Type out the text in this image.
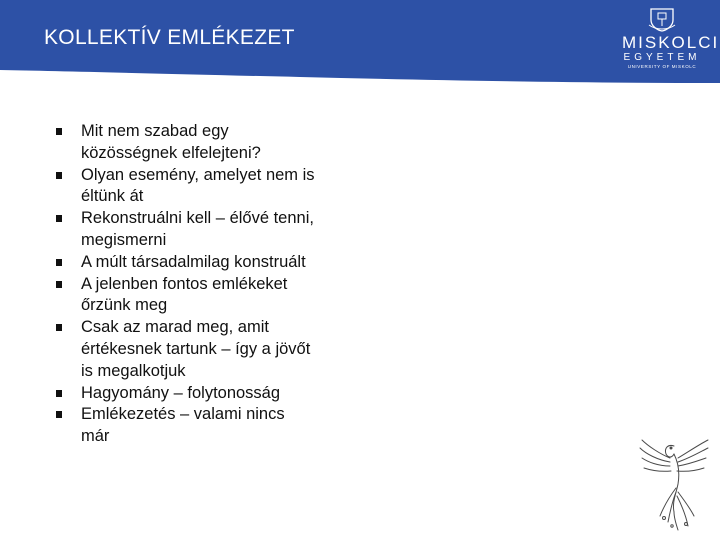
KOLLEKTÍV EMLÉKEZET	MISKOLCI
EGYETEM
UNIVERSITY OF MISKOLC
Mit nem szabad egy közösségnek elfelejteni?
Olyan esemény, amelyet nem is éltünk át
Rekonstruálni kell – élővé tenni, megismerni
A múlt társadalmilag konstruált
A jelenben fontos emlékeket őrzünk meg
Csak az marad meg, amit értékesnek tartunk – így a jövőt is megalkotjuk
Hagyomány – folytonosság
Emlékezetés – valami nincs már
